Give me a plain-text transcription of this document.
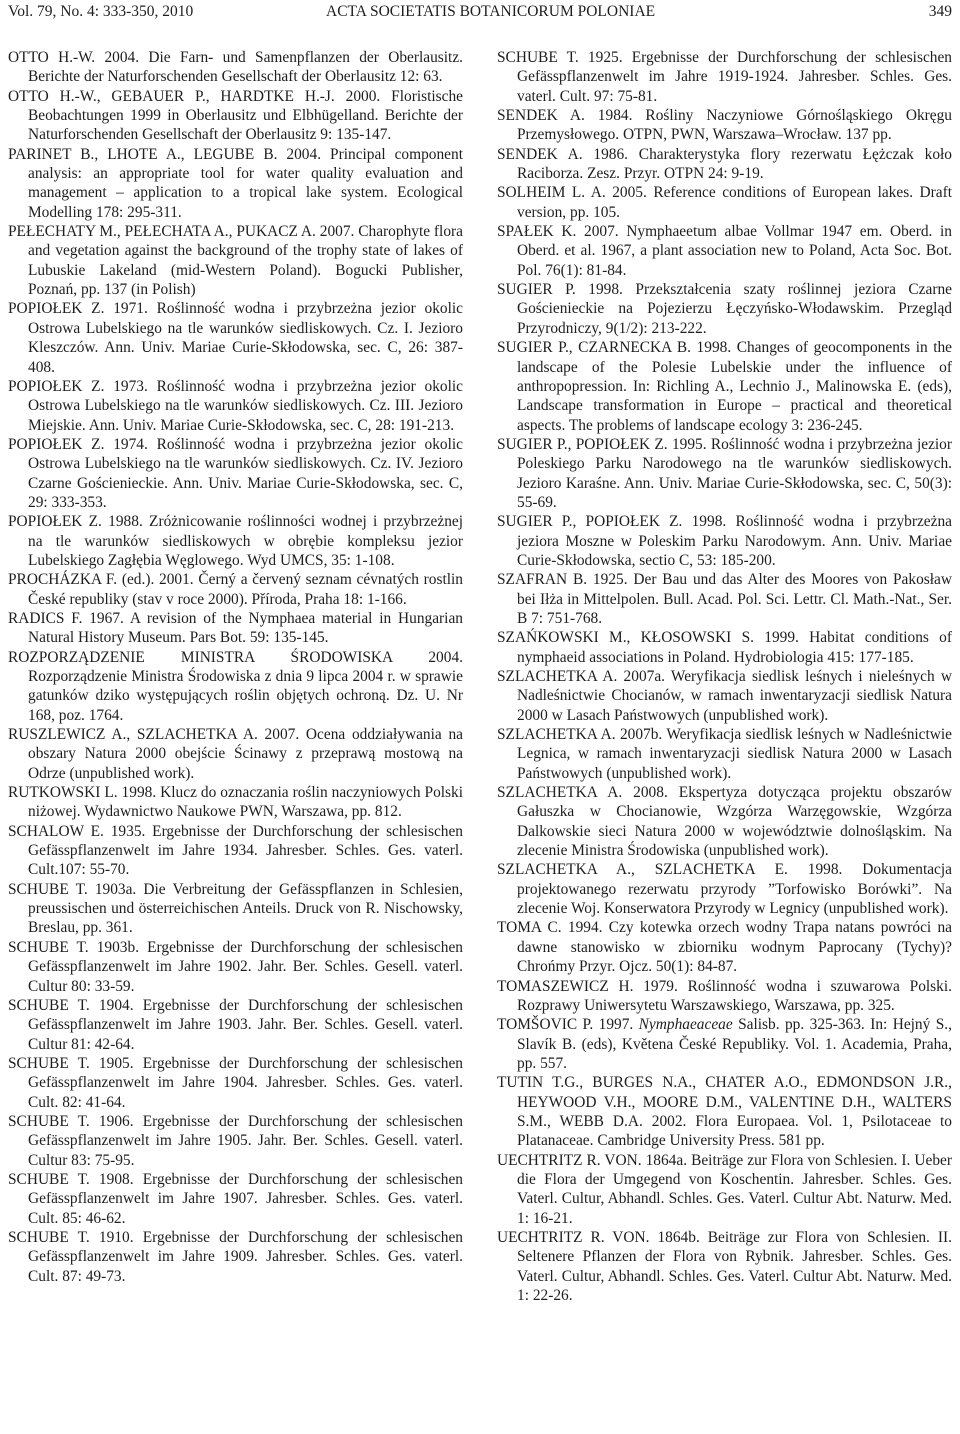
Vol. 79, No. 4: 333-350, 2010	ACTA SOCIETATIS BOTANICORUM POLONIAE	349

OTTO H.-W. 2004. Die Farn- und Samenpflanzen der Oberlausitz. Berichte der Naturforschenden Gesellschaft der Oberlausitz 12: 63.

OTTO H.-W., GEBAUER P., HARDTKE H.-J. 2000. Floristische Beobachtungen 1999 in Oberlausitz und Elbhügelland. Berichte der Naturforschenden Gesellschaft der Oberlausitz 9: 135-147.

PARINET B., LHOTE A., LEGUBE B. 2004. Principal component analysis: an appropriate tool for water quality evaluation and management – application to a tropical lake system. Ecological Modelling 178: 295-311.

PEŁECHATY M., PEŁECHATA A., PUKACZ A. 2007. Charophyte flora and vegetation against the background of the trophy state of lakes of Lubuskie Lakeland (mid-Western Poland). Bogucki Publisher, Poznań, pp. 137 (in Polish)

POPIOŁEK Z. 1971. Roślinność wodna i przybrzeżna jezior okolic Ostrowa Lubelskiego na tle warunków siedliskowych. Cz. I. Jezioro Kleszczów. Ann. Univ. Mariae Curie-Skłodowska, sec. C, 26: 387-408.

POPIOŁEK Z. 1973. Roślinność wodna i przybrzeżna jezior okolic Ostrowa Lubelskiego na tle warunków siedliskowych. Cz. III. Jezioro Miejskie. Ann. Univ. Mariae Curie-Skłodowska, sec. C, 28: 191-213.

POPIOŁEK Z. 1974. Roślinność wodna i przybrzeżna jezior okolic Ostrowa Lubelskiego na tle warunków siedliskowych. Cz. IV. Jezioro Czarne Gościenieckie. Ann. Univ. Mariae Curie-Skłodowska, sec. C, 29: 333-353.

POPIOŁEK Z. 1988. Zróżnicowanie roślinności wodnej i przybrzeżnej na tle warunków siedliskowych w obrębie kompleksu jezior Lubelskiego Zagłębia Węglowego. Wyd UMCS, 35: 1-108.

PROCHÁZKA F. (ed.). 2001. Černý a červený seznam cévnatých rostlin České republiky (stav v roce 2000). Příroda, Praha 18: 1-166.

RADICS F. 1967. A revision of the Nymphaea material in Hungarian Natural History Museum. Pars Bot. 59: 135-145.

ROZPORZĄDZENIE MINISTRA ŚRODOWISKA 2004. Rozporządzenie Ministra Środowiska z dnia 9 lipca 2004 r. w sprawie gatunków dziko występujących roślin objętych ochroną. Dz. U. Nr 168, poz. 1764.

RUSZLEWICZ A., SZLACHETKA A. 2007. Ocena oddziaływania na obszary Natura 2000 obejście Ścinawy z przeprawą mostową na Odrze (unpublished work).

RUTKOWSKI L. 1998. Klucz do oznaczania roślin naczyniowych Polski niżowej. Wydawnictwo Naukowe PWN, Warszawa, pp. 812.

SCHALOW E. 1935. Ergebnisse der Durchforschung der schlesischen Gefässpflanzenwelt im Jahre 1934. Jahresber. Schles. Ges. vaterl. Cult.107: 55-70.

SCHUBE T. 1903a. Die Verbreitung der Gefässpflanzen in Schlesien, preussischen und österreichischen Anteils. Druck von R. Nischowsky, Breslau, pp. 361.

SCHUBE T. 1903b. Ergebnisse der Durchforschung der schlesischen Gefässpflanzenwelt im Jahre 1902. Jahr. Ber. Schles. Gesell. vaterl. Cultur 80: 33-59.

SCHUBE T. 1904. Ergebnisse der Durchforschung der schlesischen Gefässpflanzenwelt im Jahre 1903. Jahr. Ber. Schles. Gesell. vaterl. Cultur 81: 42-64.

SCHUBE T. 1905. Ergebnisse der Durchforschung der schlesischen Gefässpflanzenwelt im Jahre 1904. Jahresber. Schles. Ges. vaterl. Cult. 82: 41-64.

SCHUBE T. 1906. Ergebnisse der Durchforschung der schlesischen Gefässpflanzenwelt im Jahre 1905. Jahr. Ber. Schles. Gesell. vaterl. Cultur 83: 75-95.

SCHUBE T. 1908. Ergebnisse der Durchforschung der schlesischen Gefässpflanzenwelt im Jahre 1907. Jahresber. Schles. Ges. vaterl. Cult. 85: 46-62.

SCHUBE T. 1910. Ergebnisse der Durchforschung der schlesischen Gefässpflanzenwelt im Jahre 1909. Jahresber. Schles. Ges. vaterl. Cult. 87: 49-73.

SCHUBE T. 1925. Ergebnisse der Durchforschung der schlesischen Gefässpflanzenwelt im Jahre 1919-1924. Jahresber. Schles. Ges. vaterl. Cult. 97: 75-81.

SENDEK A. 1984. Rośliny Naczyniowe Górnośląskiego Okręgu Przemysłowego. OTPN, PWN, Warszawa–Wrocław. 137 pp.

SENDEK A. 1986. Charakterystyka flory rezerwatu Łężczak koło Raciborza. Zesz. Przyr. OTPN 24: 9-19.

SOLHEIM L. A. 2005. Reference conditions of European lakes. Draft version, pp. 105.

SPAŁEK K. 2007. Nymphaeetum albae Vollmar 1947 em. Oberd. in Oberd. et al. 1967, a plant association new to Poland, Acta Soc. Bot. Pol. 76(1): 81-84.

SUGIER P. 1998. Przekształcenia szaty roślinnej jeziora Czarne Gościenieckie na Pojezierzu Łęczyńsko-Włodawskim. Przegląd Przyrodniczy, 9(1/2): 213-222.

SUGIER P., CZARNECKA B. 1998. Changes of geocomponents in the landscape of the Polesie Lubelskie under the influence of anthropopression. In: Richling A., Lechnio J., Malinowska E. (eds), Landscape transformation in Europe – practical and theoretical aspects. The problems of landscape ecology 3: 236-245.

SUGIER P., POPIOŁEK Z. 1995. Roślinność wodna i przybrzeżna jezior Poleskiego Parku Narodowego na tle warunków siedliskowych. Jezioro Karaśne. Ann. Univ. Mariae Curie-Skłodowska, sec. C, 50(3): 55-69.

SUGIER P., POPIOŁEK Z. 1998. Roślinność wodna i przybrzeżna jeziora Moszne w Poleskim Parku Narodowym. Ann. Univ. Mariae Curie-Skłodowska, sectio C, 53: 185-200.

SZAFRAN B. 1925. Der Bau und das Alter des Moores von Pakosław bei Iłża in Mittelpolen. Bull. Acad. Pol. Sci. Lettr. Cl. Math.-Nat., Ser. B 7: 751-768.

SZAŃKOWSKI M., KŁOSOWSKI S. 1999. Habitat conditions of nymphaeid associations in Poland. Hydrobiologia 415: 177-185.

SZLACHETKA A. 2007a. Weryfikacja siedlisk leśnych i nieleśnych w Nadleśnictwie Chocianów, w ramach inwentaryzacji siedlisk Natura 2000 w Lasach Państwowych (unpublished work).

SZLACHETKA A. 2007b. Weryfikacja siedlisk leśnych w Nadleśnictwie Legnica, w ramach inwentaryzacji siedlisk Natura 2000 w Lasach Państwowych (unpublished work).

SZLACHETKA A. 2008. Ekspertyza dotycząca projektu obszarów Gałuszka w Chocianowie, Wzgórza Warzęgowskie, Wzgórza Dalkowskie sieci Natura 2000 w województwie dolnośląskim. Na zlecenie Ministra Środowiska (unpublished work).

SZLACHETKA A., SZLACHETKA E. 1998. Dokumentacja projektowanego rezerwatu przyrody ”Torfowisko Borówki”. Na zlecenie Woj. Konserwatora Przyrody w Legnicy (unpublished work).

TOMA C. 1994. Czy kotewka orzech wodny Trapa natans powróci na dawne stanowisko w zbiorniku wodnym Paprocany (Tychy)? Chrońmy Przyr. Ojcz. 50(1): 84-87.

TOMASZEWICZ H. 1979. Roślinność wodna i szuwarowa Polski. Rozprawy Uniwersytetu Warszawskiego, Warszawa, pp. 325.

TOMŠOVIC P. 1997. Nymphaeaceae Salisb. pp. 325-363. In: Hejný S., Slavík B. (eds), Květena České Republiky. Vol. 1. Academia, Praha, pp. 557.

TUTIN T.G., BURGES N.A., CHATER A.O., EDMONDSON J.R., HEYWOOD V.H., MOORE D.M., VALENTINE D.H., WALTERS S.M., WEBB D.A. 2002. Flora Europaea. Vol. 1, Psilotaceae to Platanaceae. Cambridge University Press. 581 pp.

UECHTRITZ R. VON. 1864a. Beiträge zur Flora von Schlesien. I. Ueber die Flora der Umgegend von Koschentin. Jahresber. Schles. Ges. Vaterl. Cultur, Abhandl. Schles. Ges. Vaterl. Cultur Abt. Naturw. Med. 1: 16-21.

UECHTRITZ R. VON. 1864b. Beiträge zur Flora von Schlesien. II. Seltenere Pflanzen der Flora von Rybnik. Jahresber. Schles. Ges. Vaterl. Cultur, Abhandl. Schles. Ges. Vaterl. Cultur Abt. Naturw. Med. 1: 22-26.
